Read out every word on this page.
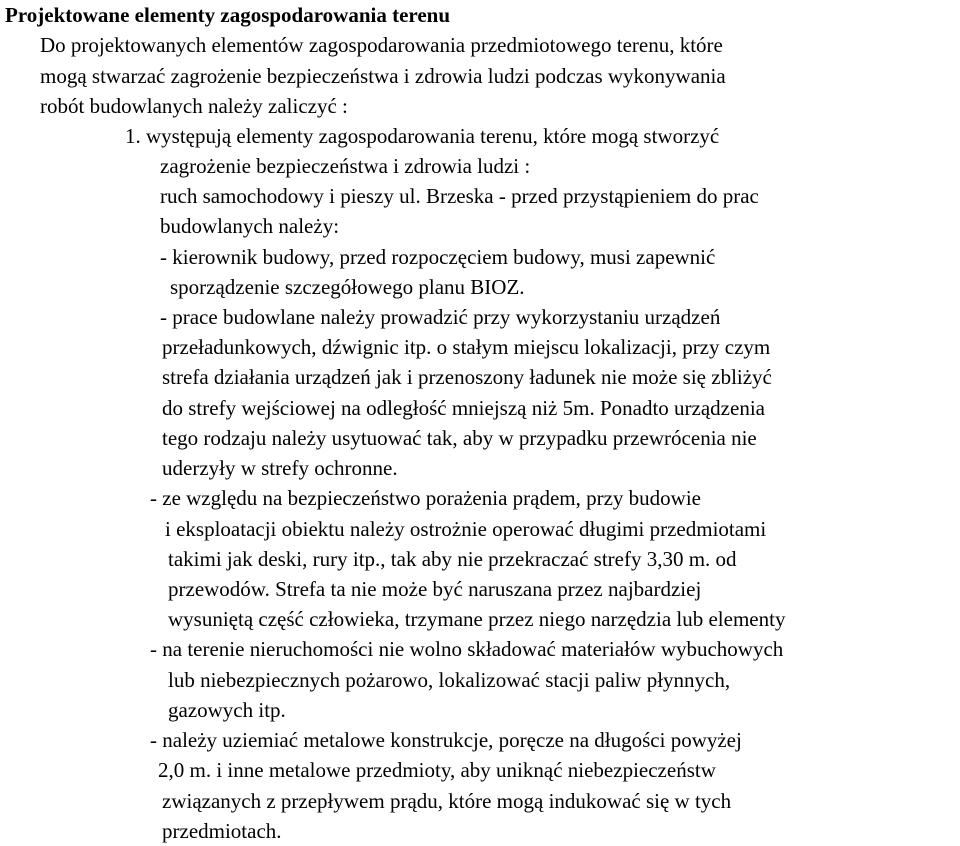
Projektowane elementy zagospodarowania terenu

Do projektowanych elementów zagospodarowania przedmiotowego terenu, które

mogą stwarzać zagrożenie bezpieczeństwa i zdrowia ludzi podczas wykonywania

robót budowlanych należy zaliczyć :

1. występują elementy zagospodarowania terenu, które mogą stworzyć

zagrożenie bezpieczeństwa i zdrowia ludzi :

ruch samochodowy i pieszy ul. Brzeska - przed przystąpieniem do prac

budowlanych należy:

- kierownik budowy, przed rozpoczęciem budowy, musi zapewnić

sporządzenie szczegółowego planu BIOZ.

- prace budowlane należy prowadzić przy wykorzystaniu urządzeń

przeładunkowych, dźwignic itp. o stałym miejscu lokalizacji, przy czym

strefa działania urządzeń jak i przenoszony ładunek nie może się zbliżyć

do strefy wejściowej na odległość mniejszą niż 5m. Ponadto urządzenia

tego rodzaju należy usytuować tak, aby w przypadku przewrócenia nie

uderzyły w strefy ochronne.

- ze względu na bezpieczeństwo porażenia prądem, przy budowie

i eksploatacji obiektu należy ostrożnie operować długimi przedmiotami

takimi jak deski, rury itp., tak aby nie przekraczać strefy 3,30 m. od

przewodów. Strefa ta nie może być naruszana przez najbardziej

wysuniętą część człowieka, trzymane przez niego narzędzia lub elementy

- na terenie nieruchomości nie wolno składować materiałów wybuchowych

lub niebezpiecznych pożarowo, lokalizować stacji paliw płynnych,

gazowych itp.

- należy uziemiać metalowe konstrukcje, poręcze na długości powyżej

2,0 m. i inne metalowe przedmioty, aby uniknąć niebezpieczeństw

związanych z przepływem prądu, które mogą indukować się w tych

przedmiotach.
